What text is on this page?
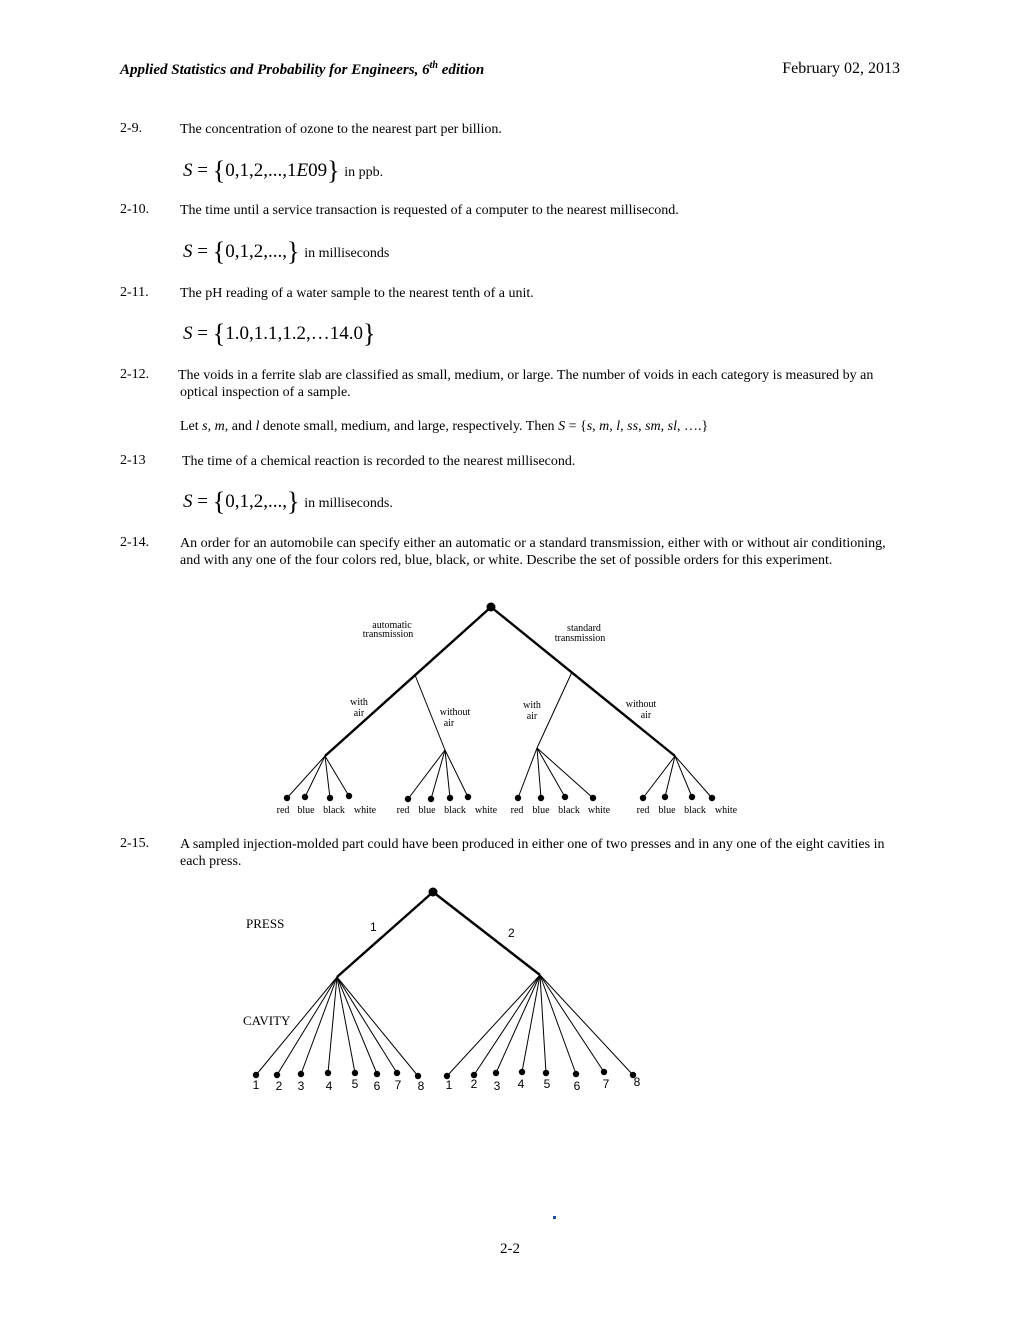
Applied Statistics and Probability for Engineers, 6th edition	February 02, 2013
2-9.	The concentration of ozone to the nearest part per billion.
S = {0,1,2,...,1E09} in ppb.
2-10. The time until a service transaction is requested of a computer to the nearest millisecond.
S = {0,1,2,...,} in milliseconds
2-11. The pH reading of a water sample to the nearest tenth of a unit.
S = {1.0,1.1,1.2,…14.0}
2-12. The voids in a ferrite slab are classified as small, medium, or large. The number of voids in each category is measured by an optical inspection of a sample.
Let s, m, and l denote small, medium, and large, respectively. Then S = {s, m, l, ss, sm, sl, ….}
2-13	The time of a chemical reaction is recorded to the nearest millisecond.
S = {0,1,2,...,} in milliseconds.
2-14. An order for an automobile can specify either an automatic or a standard transmission, either with or without air conditioning, and with any one of the four colors red, blue, black, or white. Describe the set of possible orders for this experiment.
2-15. A sampled injection-molded part could have been produced in either one of two presses and in any one of the eight cavities in each press.
automatic
transmission
standard
transmission
with
air	without
air
with
air
without
air
red blue black white red blue black white red blue black white	red blue black white
PRESS
CAVITY
1	2
1 2 3 4 5 6 7 8 1 2 3 4 5 6 7 8
2-2
